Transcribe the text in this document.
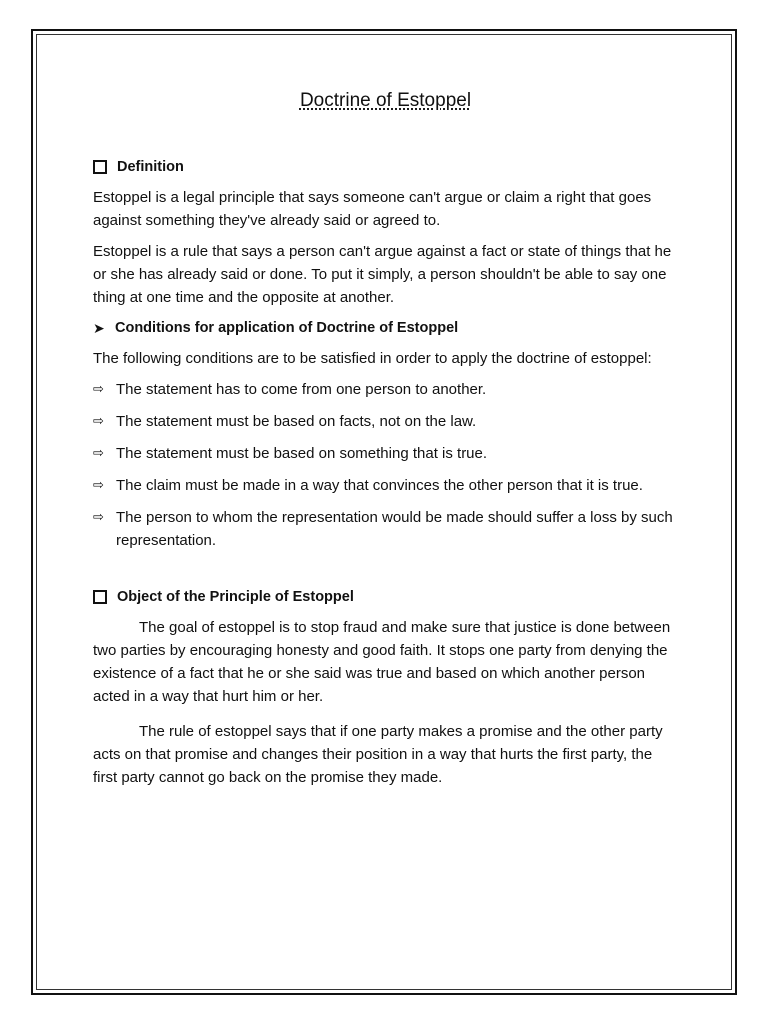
Doctrine of Estoppel
Definition

Estoppel is a legal principle that says someone can't argue or claim a right that goes against something they've already said or agreed to.

Estoppel is a rule that says a person can't argue against a fact or state of things that he or she has already said or done. To put it simply, a person shouldn't be able to say one thing at one time and the opposite at another.

➤ Conditions for application of Doctrine of Estoppel

The following conditions are to be satisfied in order to apply the doctrine of estoppel:

⇨ The statement has to come from one person to another.
⇨ The statement must be based on facts, not on the law.
⇨ The statement must be based on something that is true.
⇨ The claim must be made in a way that convinces the other person that it is true.
⇨ The person to whom the representation would be made should suffer a loss by such representation.
Object of the Principle of Estoppel

The goal of estoppel is to stop fraud and make sure that justice is done between two parties by encouraging honesty and good faith. It stops one party from denying the existence of a fact that he or she said was true and based on which another person acted in a way that hurt him or her.

The rule of estoppel says that if one party makes a promise and the other party acts on that promise and changes their position in a way that hurts the first party, the first party cannot go back on the promise they made.
